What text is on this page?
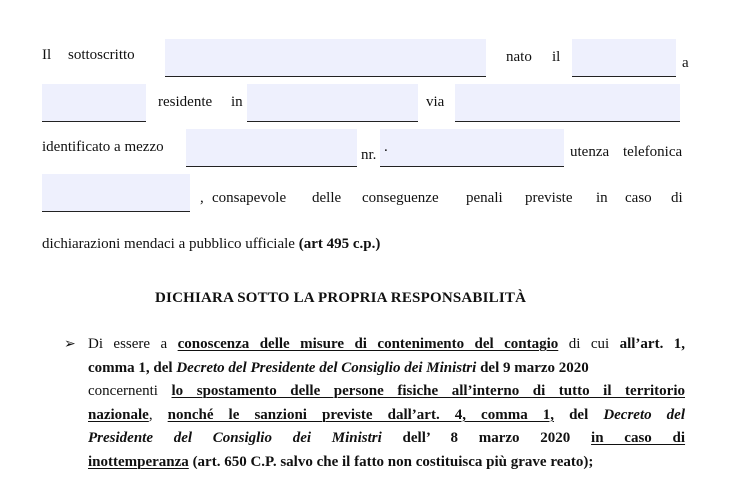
Il sottoscritto	nato il	a
residente in	via
identificato a mezzo	nr.
.	utenza telefonica
, consapevole delle conseguenze penali previste in caso di
dichiarazioni mendaci a pubblico ufficiale (art 495 c.p.)
DICHIARA SOTTO LA PROPRIA RESPONSABILITÀ
➢ Di essere a conoscenza delle misure di contenimento del contagio di cui all’art. 1,
comma 1, del Decreto del Presidente del Consiglio dei Ministri del 9 marzo 2020
concernenti lo spostamento delle persone fisiche all’interno di tutto il territorio
nazionale, nonché le sanzioni previste dall’art. 4, comma 1, del Decreto del
Presidente del Consiglio dei Ministri dell’ 8 marzo 2020 in caso di
inottemperanza (art. 650 C.P. salvo che il fatto non costituisca più grave reato);
